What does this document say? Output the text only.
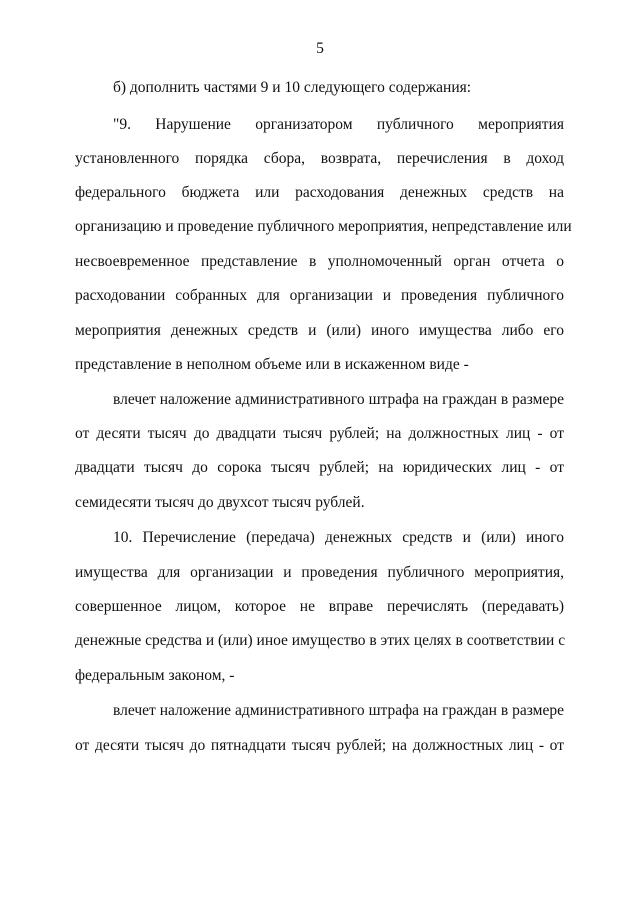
5
б) дополнить частями 9 и 10 следующего содержания:
"9. Нарушение организатором публичного мероприятия
установленного порядка сбора, возврата, перечисления в доход
федерального бюджета или расходования денежных средств на
организацию и проведение публичного мероприятия, непредставление или
несвоевременное представление в уполномоченный орган отчета о
расходовании собранных для организации и проведения публичного
мероприятия денежных средств и (или) иного имущества либо его
представление в неполном объеме или в искаженном виде -
влечет наложение административного штрафа на граждан в размере
от десяти тысяч до двадцати тысяч рублей; на должностных лиц - от
двадцати тысяч до сорока тысяч рублей; на юридических лиц - от
семидесяти тысяч до двухсот тысяч рублей.
10. Перечисление (передача) денежных средств и (или) иного
имущества для организации и проведения публичного мероприятия,
совершенное лицом, которое не вправе перечислять (передавать)
денежные средства и (или) иное имущество в этих целях в соответствии с
федеральным законом, -
влечет наложение административного штрафа на граждан в размере
от десяти тысяч до пятнадцати тысяч рублей; на должностных лиц - от
